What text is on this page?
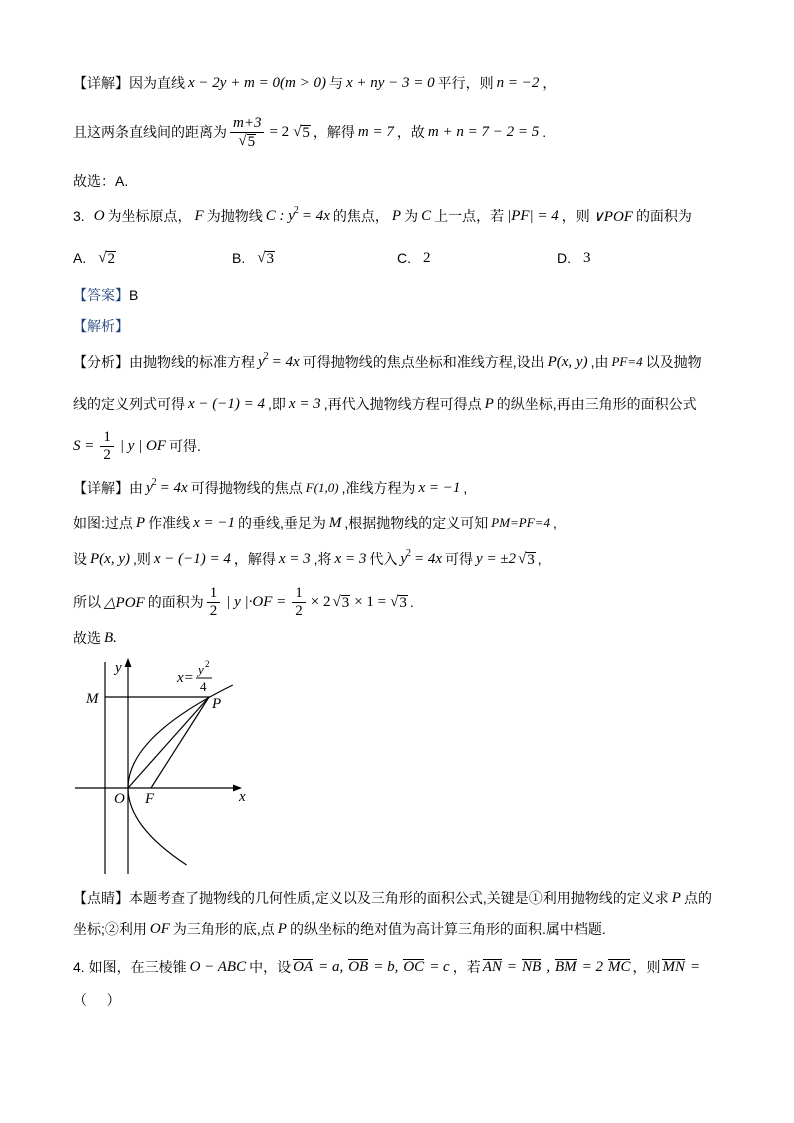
【详解】因为直线 x − 2y + m = 0(m > 0) 与 x + ny − 3 = 0 平行，则 n = −2 ，
且这两条直线间的距离为 $\frac{m+3}{√ 5} = 2$ √ 5 ，解得 m = 7 ，故 m + n = 7 − 2 = 5 .
故选：A.
3. O 为坐标原点， F 为抛物线 C : y 2 = 4x 的焦点， P 为 C 上一点，若 |PF| = 4 ，则 ∨POF 的面积为
A. √ 2	B. √ 3	C. 2	D. 3
【答案】 B
【解析】
【分析】由抛物线的标准方程 y 2 = 4x 可得抛物线的焦点坐标和准线方程,设出 P(x, y) ,由 PF=4 以及抛物
线的定义列式可得 x − (−1) = 4 ,即 x = 3 ,再代入抛物线方程可得点 P 的纵坐标,再由三角形的面积公式
$S = \frac{1}{2}$ | y | OF 可得.
【详解】由 y 2 = 4x 可得抛物线的焦点 F(1,0) ,准线方程为 x = −1 ,
如图:过点 P 作准线 x = −1 的垂线,垂足为 M ,根据抛物线的定义可知 PM=PF=4 ,
设 P(x, y) ,则 x − (−1) = 4 ，解得 x = 3 ,将 x = 3 代入 y 2 = 4x 可得 y = ±2 √ 3 ,
所以 △POF 的面积为 $\frac{1}{2}$ | y $|\cdot OF = \frac{1}{2} \times 2$ √ 3 × 1 = √ 3 .
故选 B.
y
x
O F
M	P
x=
y 2
4
【点睛】本题考查了抛物线的几何性质,定义以及三角形的面积公式,关键是①利用抛物线的定义求 P 点的
坐标;②利用 OF 为三角形的底,点 P 的纵坐标的绝对值为高计算三角形的面积.属中档题.
4. 如图，在三棱锥 O − ABC 中，设 OA = a, OB = b, OC = c ，若 AN = NB , BM = 2 MC ，则 MN =
（     ）
